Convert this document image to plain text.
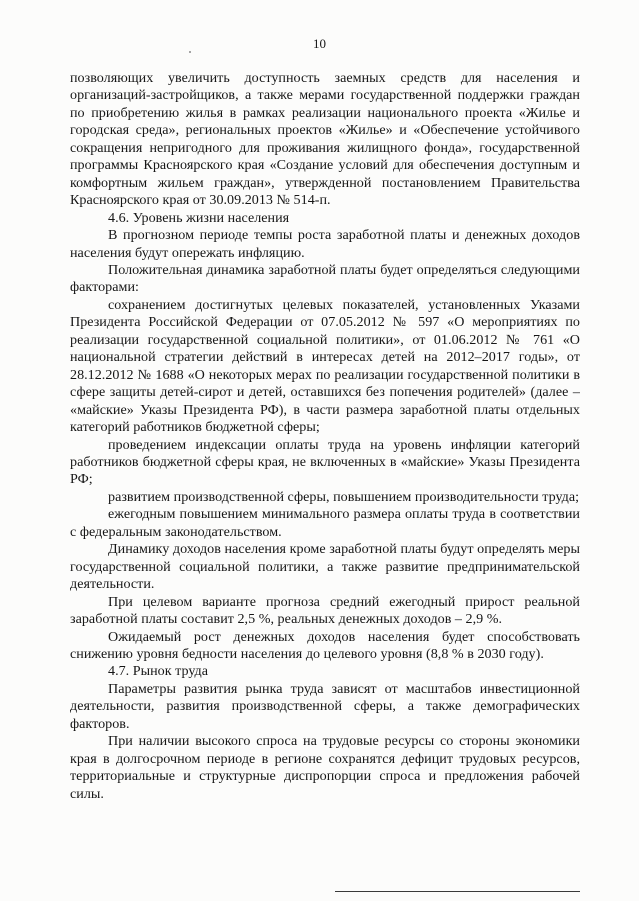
10

позволяющих увеличить доступность заемных средств для населения и организаций-застройщиков, а также мерами государственной поддержки граждан по приобретению жилья в рамках реализации национального проекта «Жилье и городская среда», региональных проектов «Жилье» и «Обеспечение устойчивого сокращения непригодного для проживания жилищного фонда», государственной программы Красноярского края «Создание условий для обеспечения доступным и комфортным жильем граждан», утвержденной постановлением Правительства Красноярского края от 30.09.2013 № 514-п.

4.6. Уровень жизни населения

В прогнозном периоде темпы роста заработной платы и денежных доходов населения будут опережать инфляцию.

Положительная динамика заработной платы будет определяться следующими факторами:

сохранением достигнутых целевых показателей, установленных Указами Президента Российской Федерации от 07.05.2012 № 597 «О мероприятиях по реализации государственной социальной политики», от 01.06.2012 № 761 «О национальной стратегии действий в интересах детей на 2012–2017 годы», от 28.12.2012 № 1688 «О некоторых мерах по реализации государственной политики в сфере защиты детей-сирот и детей, оставшихся без попечения родителей» (далее – «майские» Указы Президента РФ), в части размера заработной платы отдельных категорий работников бюджетной сферы;

проведением индексации оплаты труда на уровень инфляции категорий работников бюджетной сферы края, не включенных в «майские» Указы Президента РФ;

развитием производственной сферы, повышением производительности труда;

ежегодным повышением минимального размера оплаты труда в соответствии с федеральным законодательством.

Динамику доходов населения кроме заработной платы будут определять меры государственной социальной политики, а также развитие предпринимательской деятельности.

При целевом варианте прогноза средний ежегодный прирост реальной заработной платы составит 2,5 %, реальных денежных доходов – 2,9 %.

Ожидаемый рост денежных доходов населения будет способствовать снижению уровня бедности населения до целевого уровня (8,8 % в 2030 году).

4.7. Рынок труда

Параметры развития рынка труда зависят от масштабов инвестиционной деятельности, развития производственной сферы, а также демографических факторов.

При наличии высокого спроса на трудовые ресурсы со стороны экономики края в долгосрочном периоде в регионе сохранятся дефицит трудовых ресурсов, территориальные и структурные диспропорции спроса и предложения рабочей силы.
